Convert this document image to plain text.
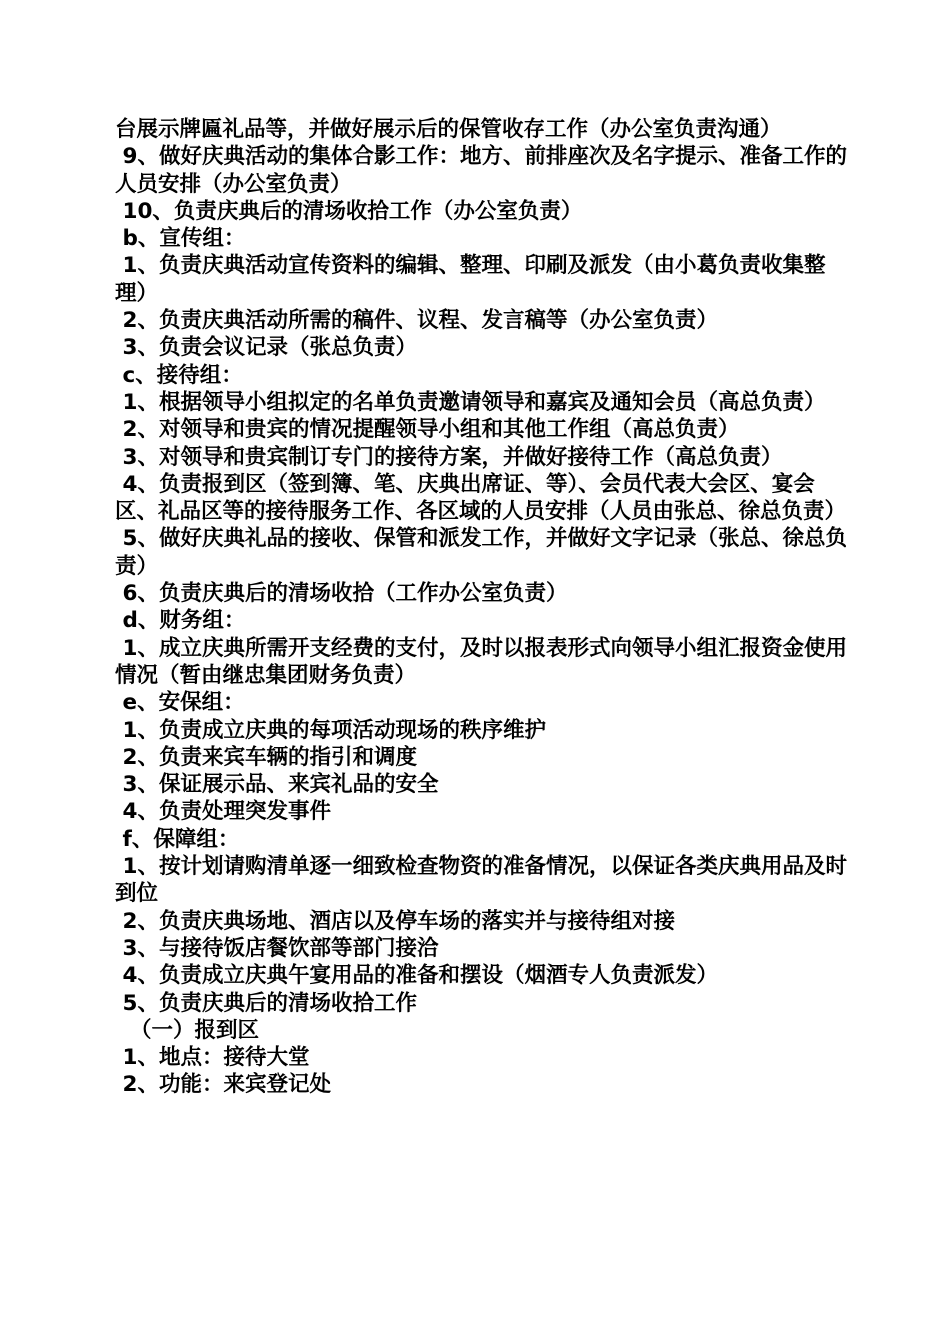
台展示牌匾礼品等，并做好展示后的保管收存工作（办公室负责沟通）

9、做好庆典活动的集体合影工作：地方、前排座次及名字提示、准备工作的人员安排（办公室负责）

10、负责庆典后的清场收拾工作（办公室负责）

b、宣传组：

1、负责庆典活动宣传资料的编辑、整理、印刷及派发（由小葛负责收集整理）

2、负责庆典活动所需的稿件、议程、发言稿等（办公室负责）

3、负责会议记录（张总负责）

c、接待组：

1、根据领导小组拟定的名单负责邀请领导和嘉宾及通知会员（高总负责）

2、对领导和贵宾的情况提醒领导小组和其他工作组（高总负责）

3、对领导和贵宾制订专门的接待方案，并做好接待工作（高总负责）

4、负责报到区（签到簿、笔、庆典出席证、等）、会员代表大会区、宴会区、礼品区等的接待服务工作、各区域的人员安排（人员由张总、徐总负责）

5、做好庆典礼品的接收、保管和派发工作，并做好文字记录（张总、徐总负责）

6、负责庆典后的清场收拾（工作办公室负责）

d、财务组：

1、成立庆典所需开支经费的支付，及时以报表形式向领导小组汇报资金使用情况（暂由继忠集团财务负责）

e、安保组：

1、负责成立庆典的每项活动现场的秩序维护

2、负责来宾车辆的指引和调度

3、保证展示品、来宾礼品的安全

4、负责处理突发事件

f、保障组：

1、按计划请购清单逐一细致检查物资的准备情况，以保证各类庆典用品及时到位

2、负责庆典场地、酒店以及停车场的落实并与接待组对接

3、与接待饭店餐饮部等部门接洽

4、负责成立庆典午宴用品的准备和摆设（烟酒专人负责派发）

5、负责庆典后的清场收拾工作

（一）报到区

1、地点：接待大堂

2、功能：来宾登记处
